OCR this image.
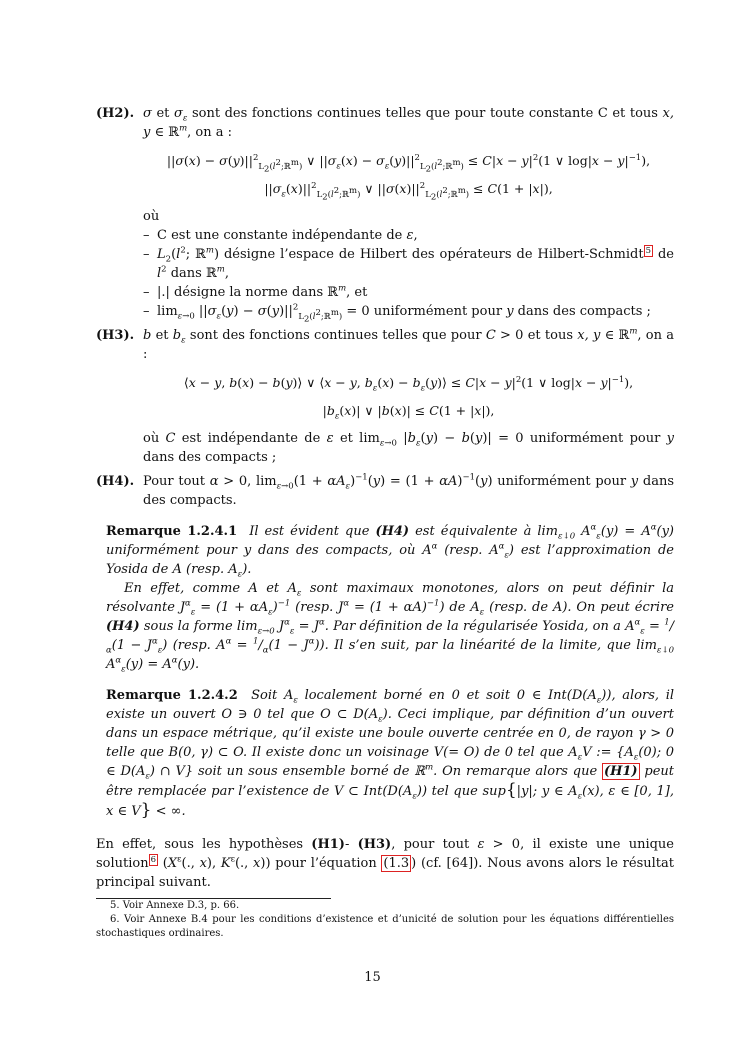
(H2). σ et $\sigma_\varepsilon$ sont des fonctions continues telles que pour toute constante C et tous x, y ∈ ℝ$^m$, on a :
$||\sigma(x) - \sigma(y)||^2_{L_2(l^2;ℝ^m)}$ ∨ $||\sigma_\varepsilon(x) - \sigma_\varepsilon(y)||^2_{L_2(l^2;ℝ^m)} \le C|x - y|^2(1$ ∨ $\log|x - y|^{-1}$),
$||\sigma_\varepsilon(x)||^2_{L_2(l^2;ℝ^m)}$ ∨ $||\sigma(x)||^2_{L_2(l^2;ℝ^m)} \le C(1 + |x|)$,
où
– C est une constante indépendante de ε,
– $L_2(l^2$; ℝ$^m$) désigne l’espace de Hilbert des opérateurs de Hilbert-Schmidt $^5$ de $l^2$ dans ℝ$^m$,
– |.| désigne la norme dans ℝ$^m$, et
– $\lim_{\varepsilon\to 0} ||\sigma_\varepsilon(y) - \sigma(y)||^2_{L_2(l^2;ℝ^m)} = 0$ uniformément pour y dans des compacts ;
(H3). b et $b_\varepsilon$ sont des fonctions continues telles que pour C > 0 et tous x, y ∈ ℝ$^m$, on a :
⟨x − y, b(x) − b(y)⟩ ∨ ⟨x − y, $b_\varepsilon(x)$ − $b_\varepsilon(y)⟩ \le C|x - y|^2(1$ ∨ $\log|x - y|^{-1}$),
$|b_\varepsilon(x)|$ ∨ |b(x)| ≤ C(1 + |x|),
où C est indépendante de ε et $\lim_{\varepsilon\to 0} |b_\varepsilon(y) - b(y)| = 0$ uniformément pour y dans des compacts ;
(H4). Pour tout α > 0, $\lim_{\varepsilon\to 0}(1 + \alpha A_\varepsilon)^{-1}(y) = (1 + \alpha A)^{-1}(y)$ uniformément pour y dans des compacts.

Remarque 1.2.4.1  Il est évident que (H4) est équivalente à $\lim_{\varepsilon↓0} A^\alpha_\varepsilon(y) = A^\alpha(y)$ uniformément pour y dans des compacts, où $A^\alpha$ (resp. $A^\alpha_\varepsilon$) est l’approximation de Yosida de A (resp. $A_\varepsilon$).

En effet, comme A et $A_\varepsilon$ sont maximaux monotones, alors on peut définir la résolvante $J^\alpha_\varepsilon = (1 + \alpha A_\varepsilon)^{-1}$ (resp. $J^\alpha = (1 + \alpha A)^{-1}$) de $A_\varepsilon$ (resp. de A). On peut écrire (H4) sous la forme $\lim_{\varepsilon\to 0} J^\alpha_\varepsilon = J^\alpha$. Par définition de la régularisée Yosida, on a $A^\alpha_\varepsilon = ^1/_\alpha(1 - J^\alpha_\varepsilon)$ (resp. $A^\alpha = ^1/_\alpha(1 - J^\alpha)$). Il s’en suit, par la linéarité de la limite, que $\lim_{\varepsilon↓0} A^\alpha_\varepsilon(y) = A^\alpha(y)$.

Remarque 1.2.4.2  Soit $A_\varepsilon$ localement borné en 0 et soit 0 ∈ $Int(D(A_\varepsilon))$, alors, il existe un ouvert O ∋ 0 tel que O ⊂ $D(A_\varepsilon)$. Ceci implique, par définition d’un ouvert dans un espace métrique, qu’il existe une boule ouverte centrée en 0, de rayon γ > 0 telle que B(0, γ) ⊂ O. Il existe donc un voisinage V(= O) de 0 tel que $A_\varepsilon V$ := {$A_\varepsilon(0)$; 0 ∈ $D(A_\varepsilon)$ ∩ V} soit un sous ensemble borné de ℝ$^m$. On remarque alors que (H1) peut être remplacée par l’existence de V ⊂ $Int(D(A_\varepsilon))$ tel que sup{|y|; y ∈ $A_\varepsilon(x)$, ε ∈ [0, 1], x ∈ V} < ∞.

En effet, sous les hypothèses (H1)- (H3), pour tout ε > 0, il existe une unique solution $^6$ ($X^\varepsilon$(., x), $K^\varepsilon$(., x)) pour l’équation (1.3 ) (cf. [64]). Nous avons alors le résultat principal suivant.

5. Voir Annexe D.3, p. 66.

6. Voir Annexe B.4 pour les conditions d’existence et d’unicité de solution pour les équations différentielles stochastiques ordinaires.

15
